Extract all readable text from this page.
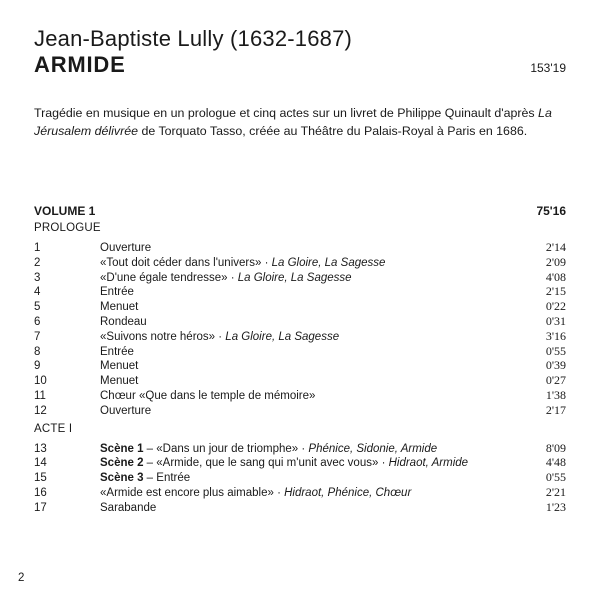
Jean-Baptiste Lully (1632-1687)
ARMIDE	153'19
Tragédie en musique en un prologue et cinq actes sur un livret de Philippe Quinault d'après La Jérusalem délivrée de Torquato Tasso, créée au Théâtre du Palais-Royal à Paris en 1686.
VOLUME 1	75'16
PROLOGUE
1	Ouverture	2'14
2	«Tout doit céder dans l'univers» · La Gloire, La Sagesse	2'09
3	«D'une égale tendresse» · La Gloire, La Sagesse	4'08
4	Entrée	2'15
5	Menuet	0'22
6	Rondeau	0'31
7	«Suivons notre héros» · La Gloire, La Sagesse	3'16
8	Entrée	0'55
9	Menuet	0'39
10	Menuet	0'27
11	Chœur «Que dans le temple de mémoire»	1'38
12	Ouverture	2'17
ACTE I
13	Scène 1 – «Dans un jour de triomphe» · Phénice, Sidonie, Armide	8'09
14	Scène 2 – «Armide, que le sang qui m'unit avec vous» · Hidraot, Armide	4'48
15	Scène 3 – Entrée	0'55
16	«Armide est encore plus aimable» · Hidraot, Phénice, Chœur	2'21
17	Sarabande	1'23
2
